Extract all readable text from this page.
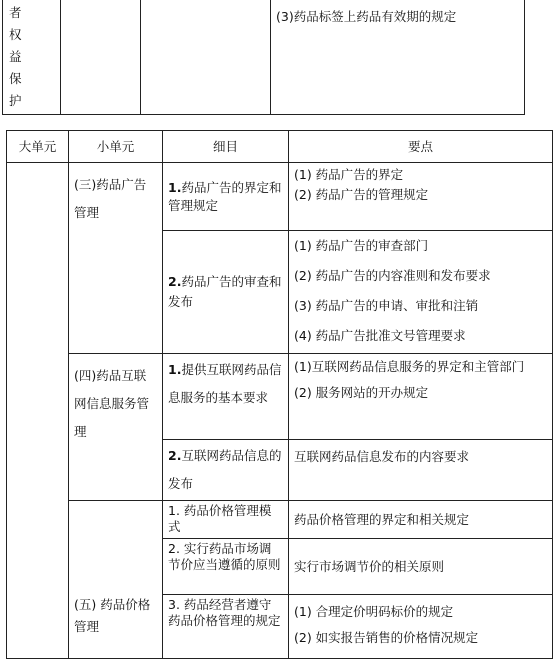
者
权
益
保
护
			(3)药品标签上药品有效期的规定
大单元	小单元	细目	要点
	(三)药品广告管理	1.药品广告的界定和管理规定	(1) 药品广告的界定
(2) 药品广告的管理规定

		2.药品广告的审查和发布	(1) 药品广告的审查部门
(2) 药品广告的内容准则和发布要求
(3) 药品广告的申请、审批和注销
(4) 药品广告批准文号管理要求

	(四)药品互联网信息服务管理	1.提供互联网药品信息服务的基本要求	(1)互联网药品信息服务的界定和主管部门
(2) 服务网站的开办规定

		2.互联网药品信息的发布	互联网药品信息发布的内容要求
	(五) 药品价格管理	1. 药品价格管理模式	药品价格管理的界定和相关规定
		2. 实行药品市场调节价应当遵循的原则	实行市场调节价的相关原则
		3. 药品经营者遵守药品价格管理的规定	(1) 合理定价明码标价的规定
(2) 如实报告销售的价格情况规定
